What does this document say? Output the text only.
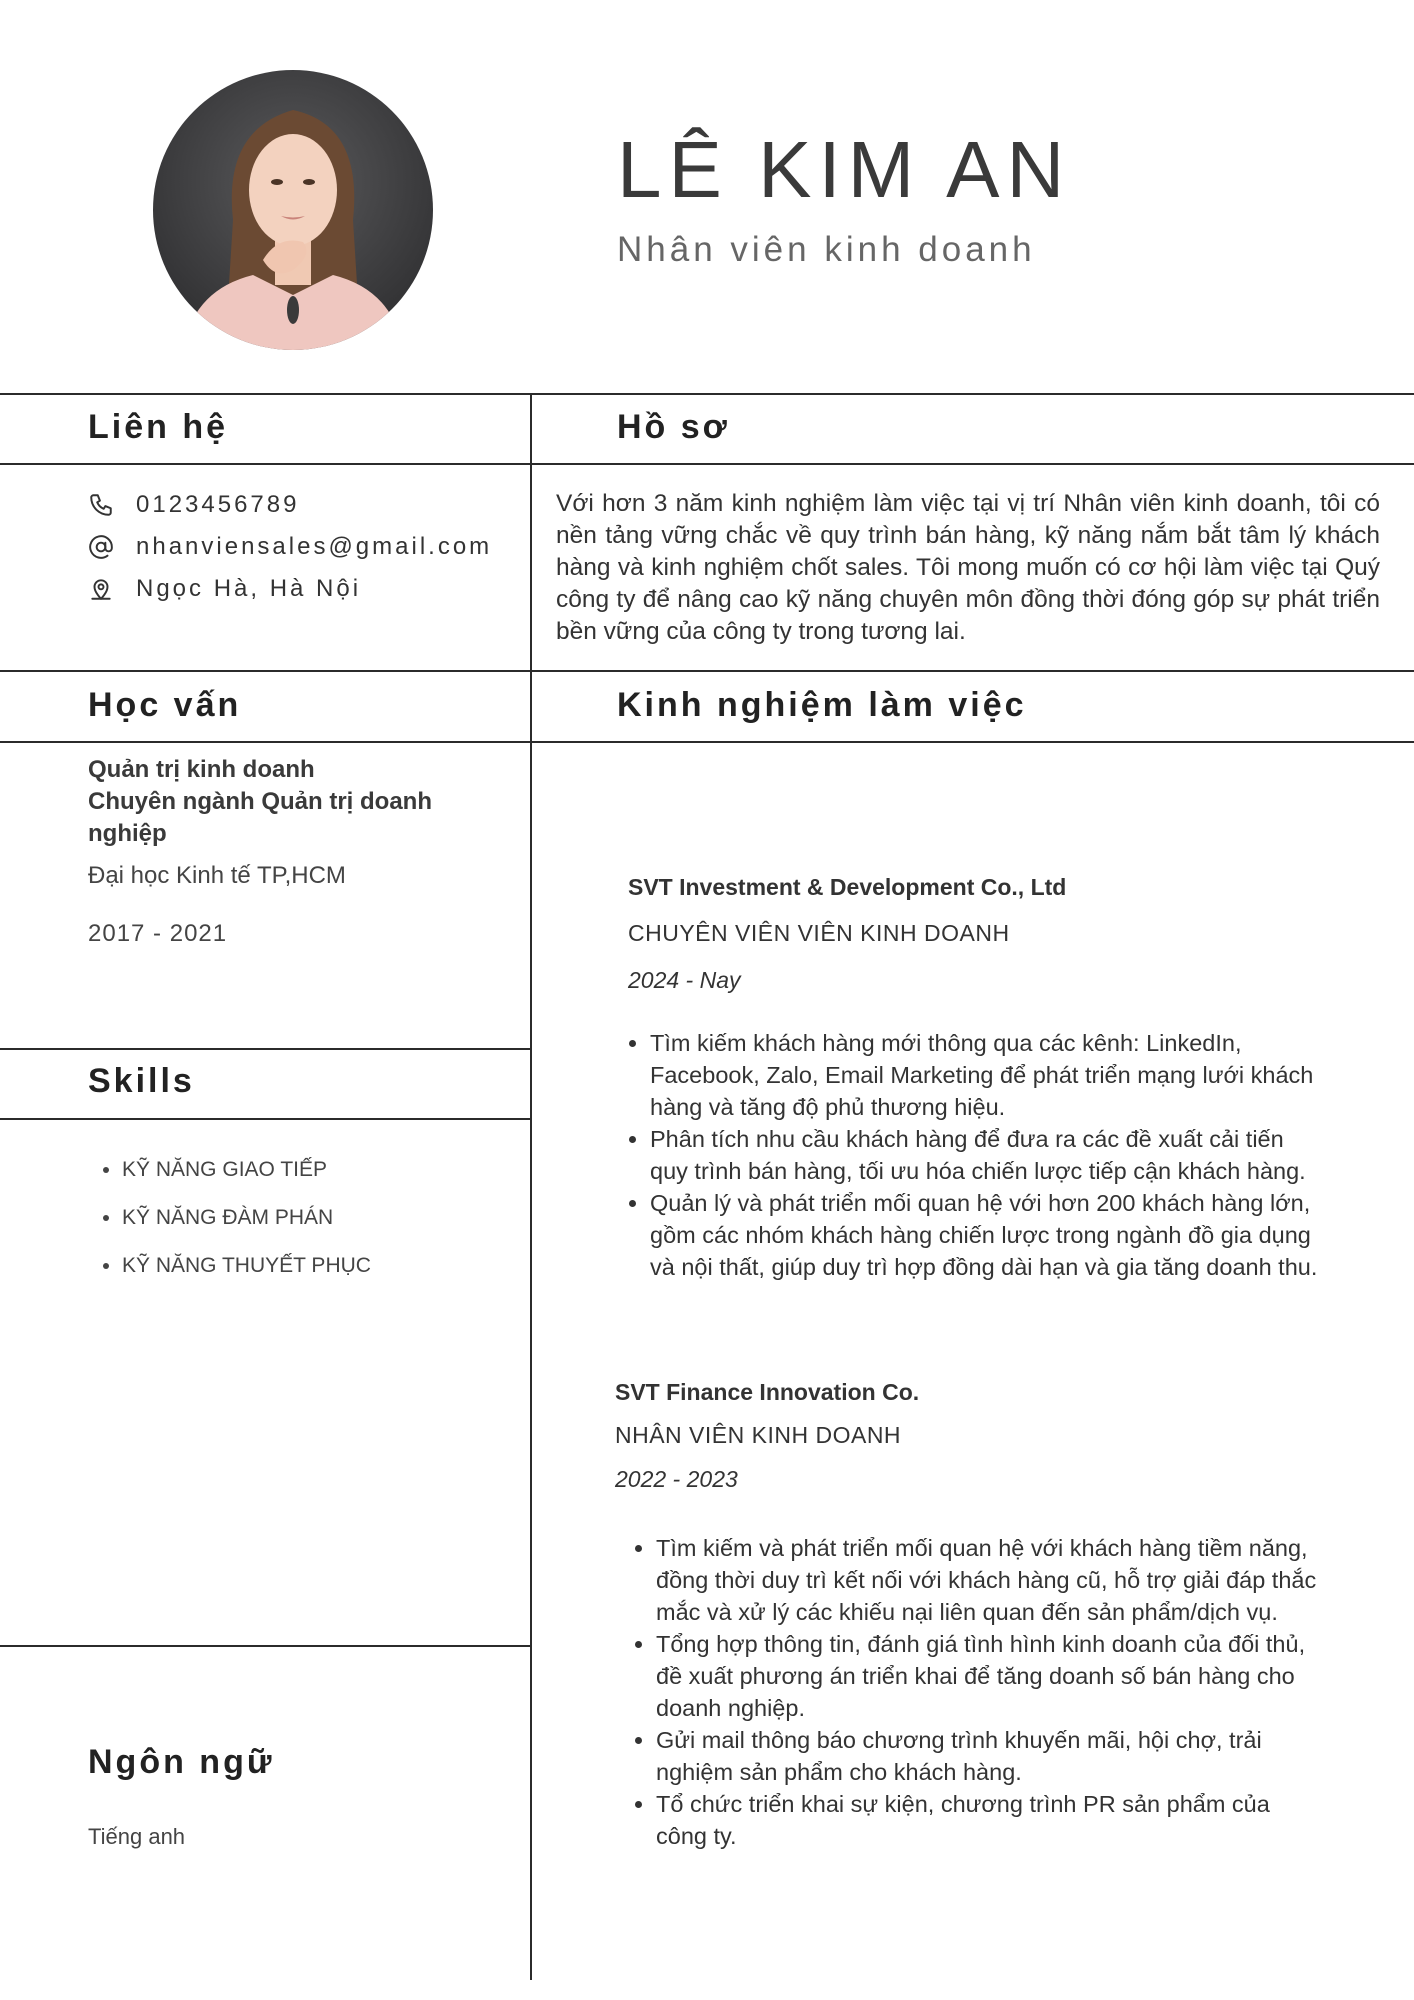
LÊ KIM AN
Nhân viên kinh doanh
Liên hệ	Hồ sơ
Học vấn	Kinh nghiệm làm việc
Skills
Ngôn ngữ
0123456789
nhanviensales@gmail.com
Ngọc Hà, Hà Nội
Với hơn 3 năm kinh nghiệm làm việc tại vị trí Nhân viên kinh doanh, tôi có nền tảng vững chắc về quy trình bán hàng, kỹ năng nắm bắt tâm lý khách hàng và kinh nghiệm chốt sales. Tôi mong muốn có cơ hội làm việc tại Quý công ty để nâng cao kỹ năng chuyên môn đồng thời đóng góp sự phát triển bền vững của công ty trong tương lai.
Quản trị kinh doanh
Chuyên ngành Quản trị doanh nghiệp
Đại học Kinh tế TP,HCM
2017 - 2021
• KỸ NĂNG GIAO TIẾP
• KỸ NĂNG ĐÀM PHÁN
• KỸ NĂNG THUYẾT PHỤC
Tiếng anh
SVT Investment & Development Co., Ltd
CHUYÊN VIÊN VIÊN KINH DOANH
2024 - Nay
• Tìm kiếm khách hàng mới thông qua các kênh: LinkedIn, Facebook, Zalo, Email Marketing để phát triển mạng lưới khách hàng và tăng độ phủ thương hiệu.
• Phân tích nhu cầu khách hàng để đưa ra các đề xuất cải tiến quy trình bán hàng, tối ưu hóa chiến lược tiếp cận khách hàng.
• Quản lý và phát triển mối quan hệ với hơn 200 khách hàng lớn, gồm các nhóm khách hàng chiến lược trong ngành đồ gia dụng và nội thất, giúp duy trì hợp đồng dài hạn và gia tăng doanh thu.
SVT Finance Innovation Co.
NHÂN VIÊN KINH DOANH
2022 - 2023
• Tìm kiếm và phát triển mối quan hệ với khách hàng tiềm năng, đồng thời duy trì kết nối với khách hàng cũ, hỗ trợ giải đáp thắc mắc và xử lý các khiếu nại liên quan đến sản phẩm/dịch vụ.
• Tổng hợp thông tin, đánh giá tình hình kinh doanh của đối thủ, đề xuất phương án triển khai để tăng doanh số bán hàng cho doanh nghiệp.
• Gửi mail thông báo chương trình khuyến mãi, hội chợ, trải nghiệm sản phẩm cho khách hàng.
• Tổ chức triển khai sự kiện, chương trình PR sản phẩm của công ty.
